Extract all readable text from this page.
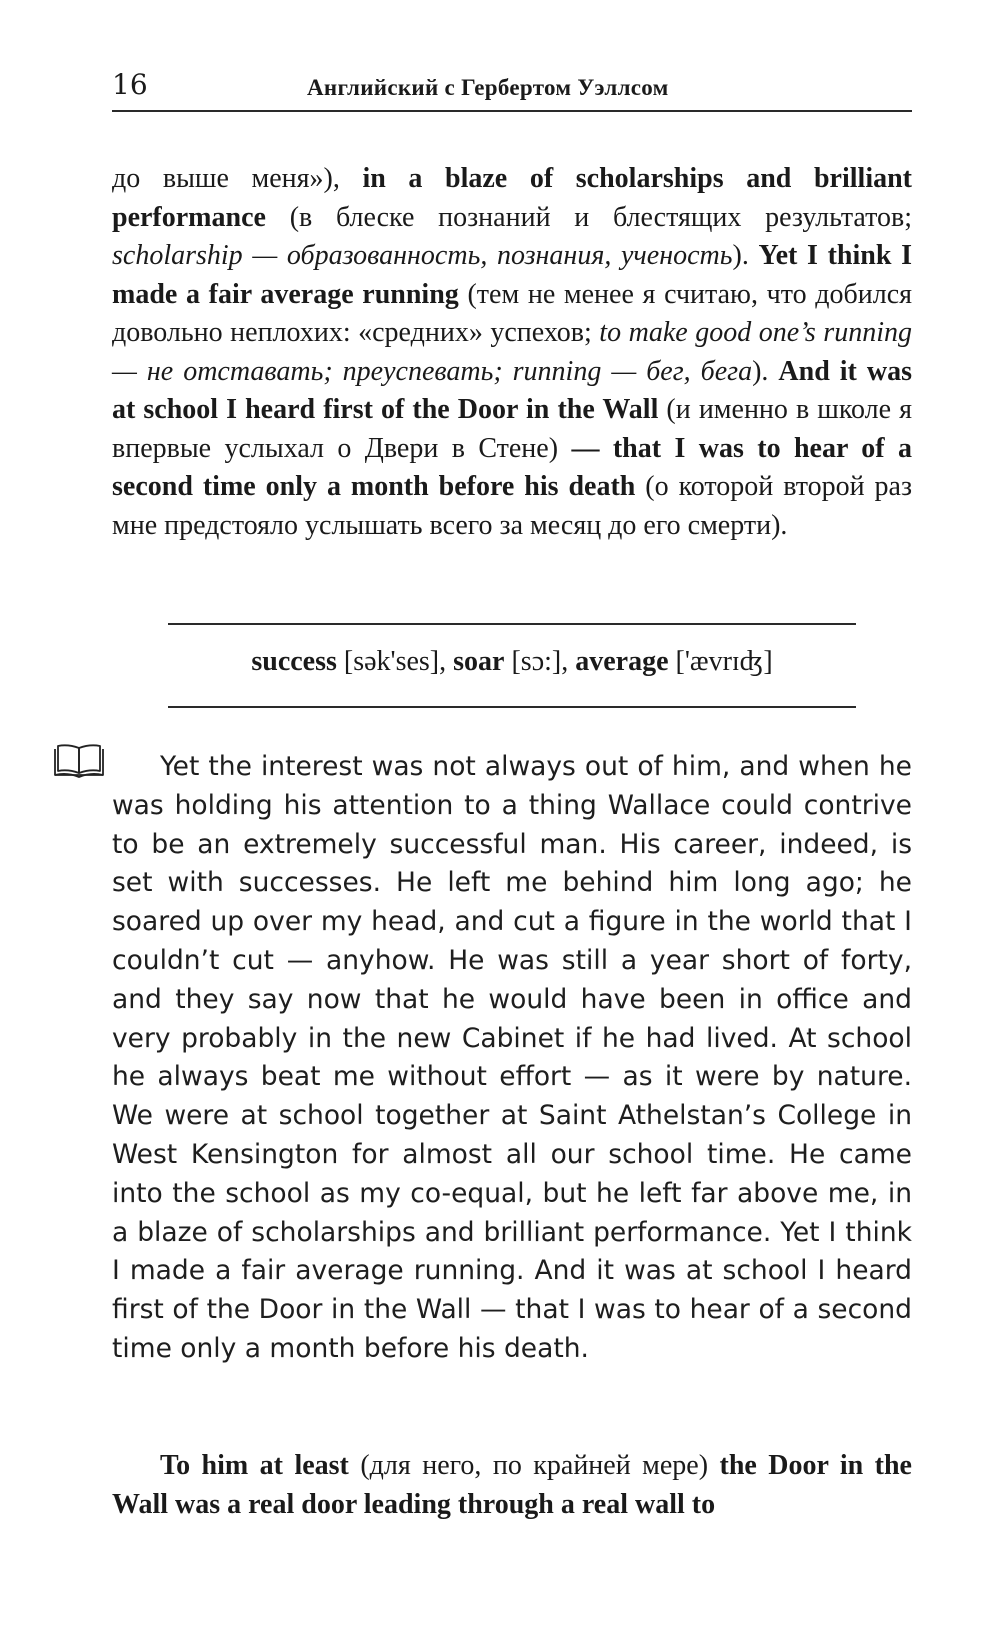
16	Английский с Гербертом Уэллсом

до выше меня»), in a blaze of scholarships and brilliant performance (в блеске познаний и блестящих результатов; scholarship — образованность, познания, ученость). Yet I think I made a fair average running (тем не менее я считаю, что добился довольно неплохих: «средних» успехов; to make good one’s running — не отставать; преуспевать; running — бег, бега). And it was at school I heard first of the Door in the Wall (и именно в школе я впервые услыхал о Двери в Стене) — that I was to hear of a second time only a month before his death (о которой второй раз мне предстояло услышать всего за месяц до его смерти).

success [sək'ses], soar [sɔ:], average ['ævrɪʤ]

Yet the interest was not always out of him, and when he was holding his attention to a thing Wallace could contrive to be an extremely successful man. His career, indeed, is set with successes. He left me behind him long ago; he soared up over my head, and cut a figure in the world that I couldn’t cut — anyhow. He was still a year short of forty, and they say now that he would have been in office and very probably in the new Cabinet if he had lived. At school he always beat me without effort — as it were by nature. We were at school together at Saint Athelstan’s College in West Kensington for almost all our school time. He came into the school as my co-equal, but he left far above me, in a blaze of scholarships and brilliant performance. Yet I think I made a fair average running. And it was at school I heard first of the Door in the Wall — that I was to hear of a second time only a month before his death.

To him at least (для него, по крайней мере) the Door in the Wall was a real door leading through a real wall to
